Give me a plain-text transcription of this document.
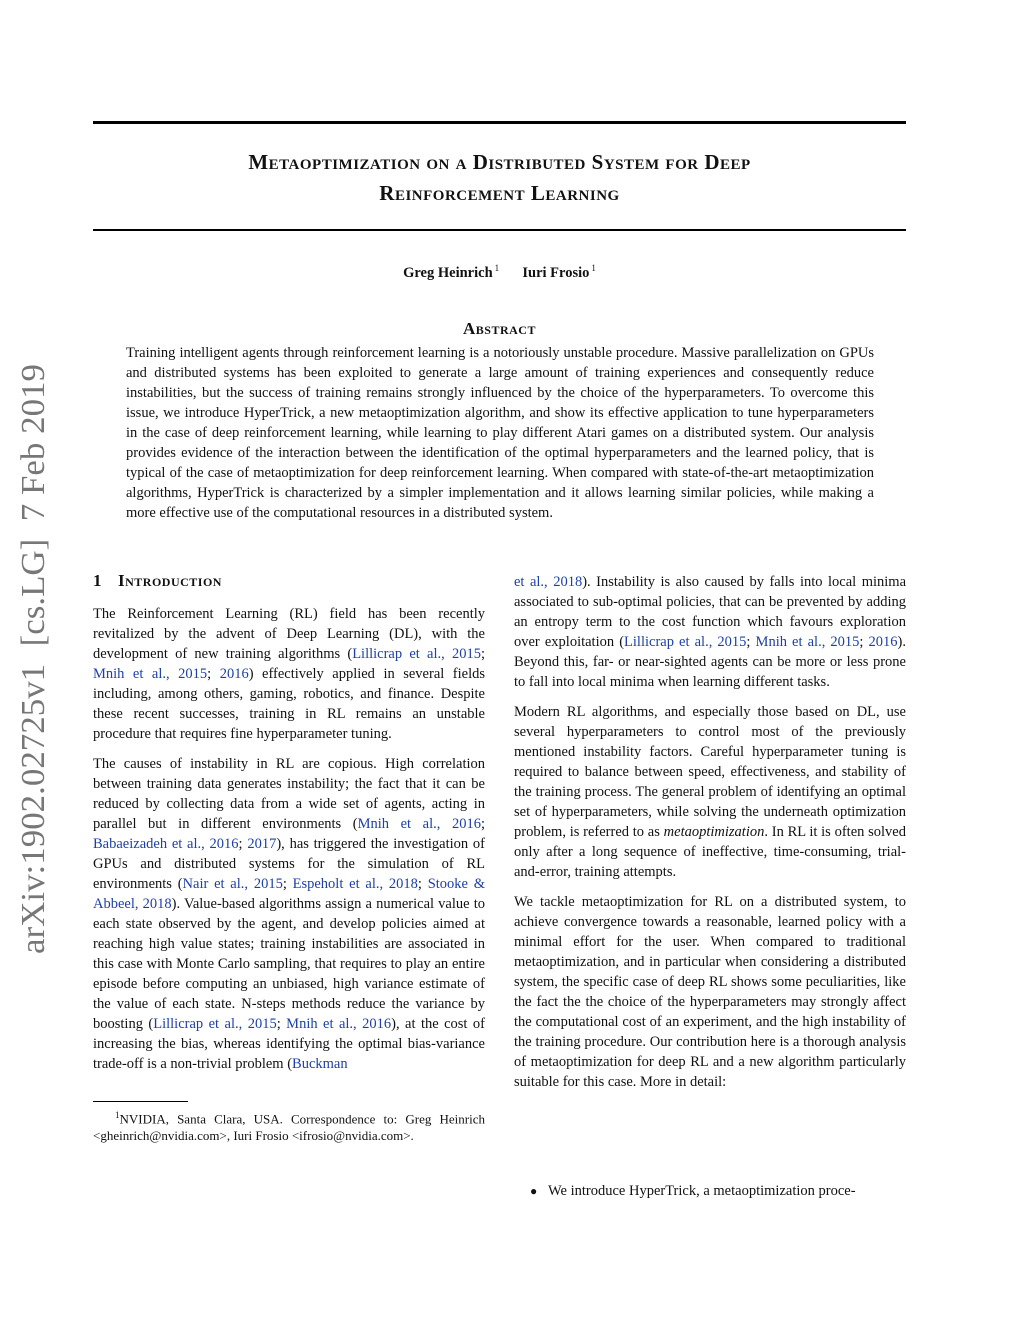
Metaoptimization on a Distributed System for Deep
Reinforcement Learning
Greg Heinrich $^1$ Iuri Frosio $^1$
Abstract
Training intelligent agents through reinforcement learning is a notoriously unstable procedure. Massive parallelization on GPUs and distributed systems has been exploited to generate a large amount of training experiences and consequently reduce instabilities, but the success of training remains strongly influenced by the choice of the hyperparameters. To overcome this issue, we introduce HyperTrick, a new metaoptimization algorithm, and show its effective application to tune hyperparameters in the case of deep reinforcement learning, while learning to play different Atari games on a distributed system. Our analysis provides evidence of the interaction between the identification of the optimal hyperparameters and the learned policy, that is typical of the case of metaoptimization for deep reinforcement learning. When compared with state-of-the-art metaoptimization algorithms, HyperTrick is characterized by a simpler implementation and it allows learning similar policies, while making a more effective use of the computational resources in a distributed system.
arXiv:1902.02725v1  [cs.LG]  7 Feb 2019 1 Introduction

The Reinforcement Learning (RL) field has been recently revitalized by the advent of Deep Learning (DL), with the development of new training algorithms (Lillicrap et al., 2015; Mnih et al., 2015; 2016) effectively applied in several fields including, among others, gaming, robotics, and finance. Despite these recent successes, training in RL remains an unstable procedure that requires fine hyperparameter tuning.

The causes of instability in RL are copious. High correlation between training data generates instability; the fact that it can be reduced by collecting data from a wide set of agents, acting in parallel but in different environments (Mnih et al., 2016; Babaeizadeh et al., 2016; 2017), has triggered the investigation of GPUs and distributed systems for the simulation of RL environments (Nair et al., 2015; Espeholt et al., 2018; Stooke & Abbeel, 2018). Value-based algorithms assign a numerical value to each state observed by the agent, and develop policies aimed at reaching high value states; training instabilities are associated in this case with Monte Carlo sampling, that requires to play an entire episode before computing an unbiased, high variance estimate of the value of each state. N-steps methods reduce the variance by boosting (Lillicrap et al., 2015; Mnih et al., 2016), at the cost of increasing the bias, whereas identifying the optimal bias-variance trade-off is a non-trivial problem (Buckman

$^1$NVIDIA, Santa Clara, USA. Correspondence to: Greg Heinrich <gheinrich@nvidia.com>, Iuri Frosio <ifrosio@nvidia.com>.

et al., 2018). Instability is also caused by falls into local minima associated to sub-optimal policies, that can be prevented by adding an entropy term to the cost function which favours exploration over exploitation (Lillicrap et al., 2015; Mnih et al., 2015; 2016). Beyond this, far- or near-sighted agents can be more or less prone to fall into local minima when learning different tasks.

Modern RL algorithms, and especially those based on DL, use several hyperparameters to control most of the previously mentioned instability factors. Careful hyperparameter tuning is required to balance between speed, effectiveness, and stability of the training process. The general problem of identifying an optimal set of hyperparameters, while solving the underneath optimization problem, is referred to as metaoptimization. In RL it is often solved only after a long sequence of ineffective, time-consuming, trial-and-error, training attempts.

We tackle metaoptimization for RL on a distributed system, to achieve convergence towards a reasonable, learned policy with a minimal effort for the user. When compared to traditional metaoptimization, and in particular when considering a distributed system, the specific case of deep RL shows some peculiarities, like the fact the the choice of the hyperparameters may strongly affect the computational cost of an experiment, and the high instability of the training procedure. Our contribution here is a thorough analysis of metaoptimization for deep RL and a new algorithm particularly suitable for this case. More in detail:

● We introduce HyperTrick, a metaoptimization proce-
